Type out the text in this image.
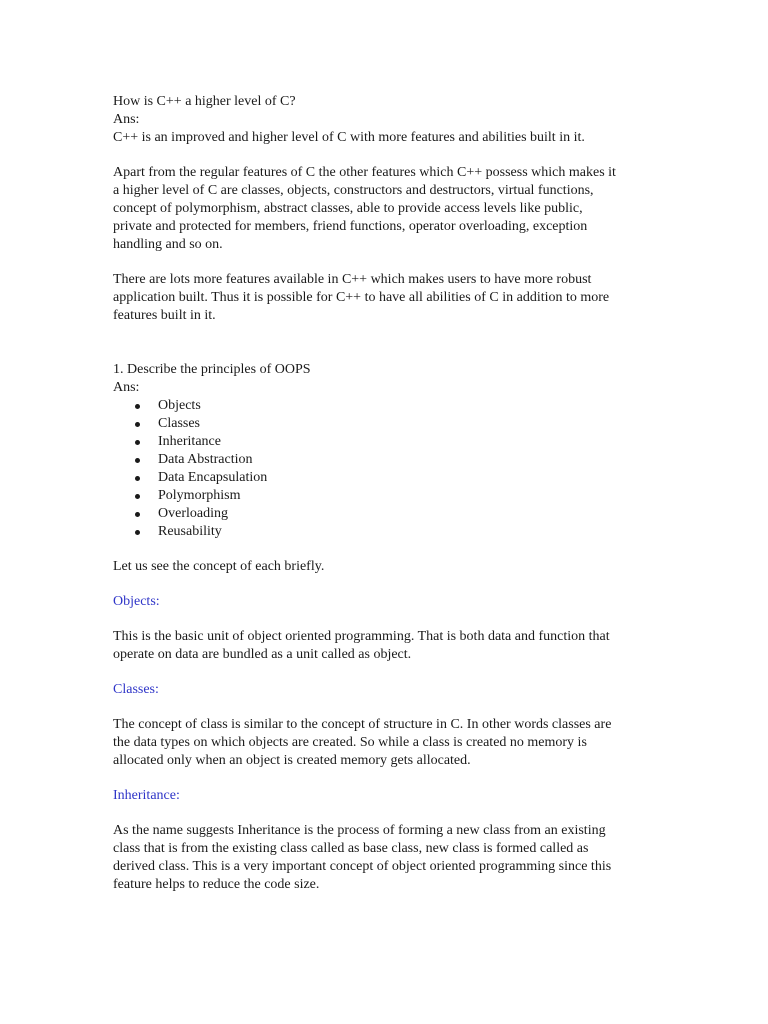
How is C++ a higher level of C?
Ans:
C++ is an improved and higher level of C with more features and abilities built in it.
Apart from the regular features of C the other features which C++ possess which makes it
a higher level of C are classes, objects, constructors and destructors, virtual functions,
concept of polymorphism, abstract classes, able to provide access levels like public,
private and protected for members, friend functions, operator overloading, exception
handling and so on.
There are lots more features available in C++ which makes users to have more robust
application built. Thus it is possible for C++ to have all abilities of C in addition to more
features built in it.
1. Describe the principles of OOPS
Ans:
Objects
Classes
Inheritance
Data Abstraction
Data Encapsulation
Polymorphism
Overloading
Reusability
Let us see the concept of each briefly.
Objects:
This is the basic unit of object oriented programming. That is both data and function that
operate on data are bundled as a unit called as object.
Classes:
The concept of class is similar to the concept of structure in C. In other words classes are
the data types on which objects are created. So while a class is created no memory is
allocated only when an object is created memory gets allocated.
Inheritance:
As the name suggests Inheritance is the process of forming a new class from an existing
class that is from the existing class called as base class, new class is formed called as
derived class. This is a very important concept of object oriented programming since this
feature helps to reduce the code size.
